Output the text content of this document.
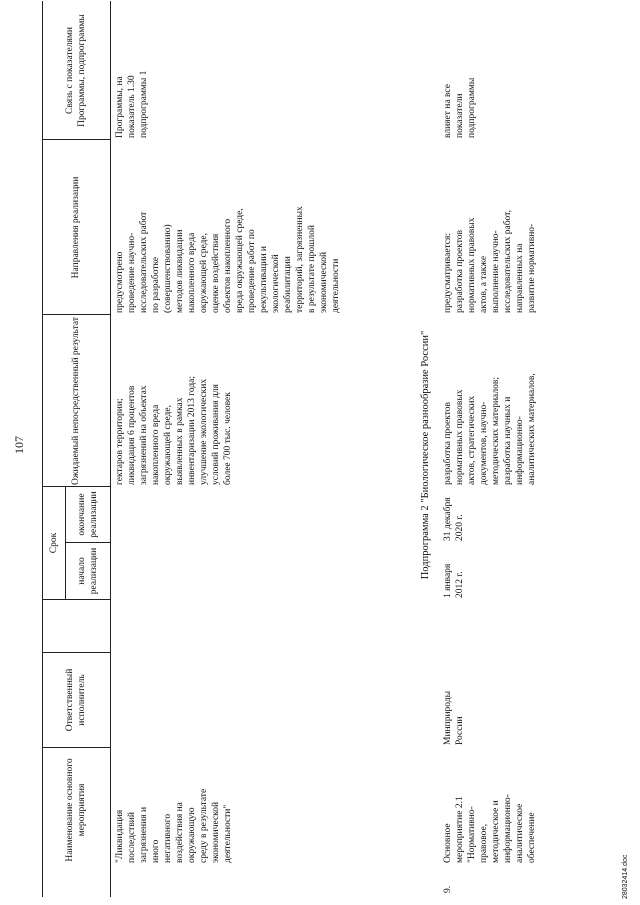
107
Наименование основного мероприятия
Ответственный исполнитель
Срок
начало реализации
окончание реализации
Ожидаемый непосредственный результат
Направления реализации
Связь с показателями Программы, подпрограммы
"Ликвидация
последствий
загрязнения и
иного
негативного
воздействия на
окружающую
среду в результате
экономической
деятельности"
гектаров территории;
ликвидация 6 процентов
загрязнений на объектах
накопленного вреда
окружающей среде,
выявленных в рамках
инвентаризации 2013 года;
улучшение экологических
условий проживания для
более 700 тыс. человек
предусмотрено
проведение научно-
исследовательских работ
по разработке
(совершенствованию)
методов ликвидации
накопленного вреда
окружающей среде,
оценке воздействия
объектов накопленного
вреда окружающей среде,
проведение работ по
рекультивации и
экологической
реабилитации
территорий, загрязненных
в результате прошлой
экономической
деятельности
Программы, на
показатель 1.30
подпрограммы 1
Подпрограмма 2 "Биологическое разнообразие России"
9.
Основное
мероприятие 2.1
"Нормативно-
правовое,
методическое и
информационно-
аналитическое
обеспечение
Минприроды
России
1 января
2012 г.
31 декабря
2020 г.
разработка проектов
нормативных правовых
актов, стратегических
документов, научно-
методических материалов;
разработка научных и
информационно-
аналитических материалов,
предусматривается:
разработка проектов
нормативных правовых
актов, а также
выполнение научно-
исследовательских работ,
направленных на
развитие нормативно-
влияет на все
показатели
подпрограммы
28032414.doc
